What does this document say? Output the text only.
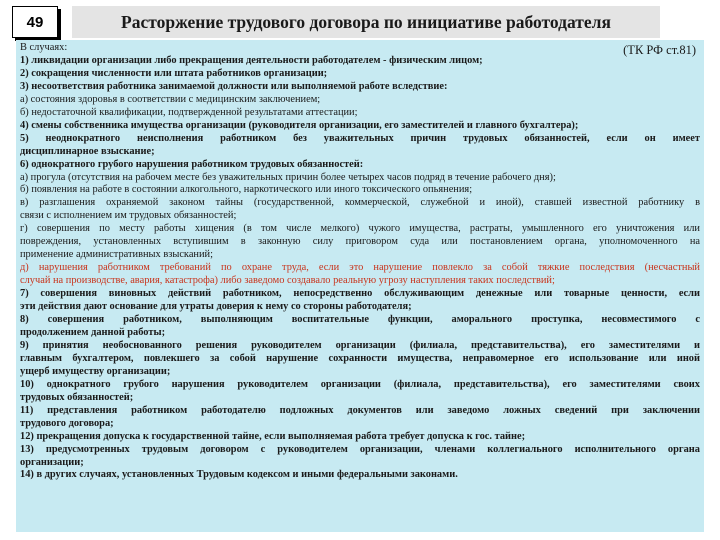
49	Расторжение трудового договора по инициативе работодателя

В случаях:	(ТК РФ ст.81)

1) ликвидации организации либо прекращения деятельности работодателем - физическим лицом;

2) сокращения численности или штата работников организации;

3) несоответствия работника занимаемой должности или выполняемой работе вследствие:

а) состояния здоровья в соответствии с медицинским заключением;

б) недостаточной квалификации, подтвержденной результатами аттестации;

4) смены собственника имущества организации (руководителя организации, его заместителей и главного бухгалтера);

5) неоднократного неисполнения работником без уважительных причин трудовых обязанностей, если он имеет

дисциплинарное взыскание;

6) однократного грубого нарушения работником трудовых обязанностей:

а) прогула (отсутствия на рабочем месте без уважительных причин более четырех часов подряд в течение рабочего дня);

б) появления на работе в состоянии алкогольного, наркотического или иного токсического опьянения;

в) разглашения охраняемой законом тайны (государственной, коммерческой, служебной и иной), ставшей известной работнику в

связи с исполнением им трудовых обязанностей;

г) совершения по месту работы хищения (в том числе мелкого) чужого имущества, растраты, умышленного его уничтожения или

повреждения, установленных вступившим в законную силу приговором суда или постановлением органа, уполномоченного на

применение административных взысканий;

д) нарушения работником требований по охране труда, если это нарушение повлекло за собой тяжкие последствия (несчастный

случай на производстве, авария, катастрофа) либо заведомо создавало реальную угрозу наступления таких последствий;

7) совершения виновных действий работником, непосредственно обслуживающим денежные или товарные ценности, если

эти действия дают основание для утраты доверия к нему со стороны работодателя;

8) совершения работником, выполняющим воспитательные функции, аморального проступка, несовместимого с

продолжением данной работы;

9) принятия необоснованного решения руководителем организации (филиала, представительства), его заместителями и

главным бухгалтером, повлекшего за собой нарушение сохранности имущества, неправомерное его использование или иной

ущерб имуществу организации;

10) однократного грубого нарушения руководителем организации (филиала, представительства), его заместителями своих

трудовых обязанностей;

11) представления работником работодателю подложных документов или заведомо ложных сведений при заключении

трудового договора;

12) прекращения допуска к государственной тайне, если выполняемая работа требует допуска к гос. тайне;

13) предусмотренных трудовым договором с руководителем организации, членами коллегиального исполнительного органа

организации;

14) в других случаях, установленных Трудовым кодексом и иными федеральными законами.
